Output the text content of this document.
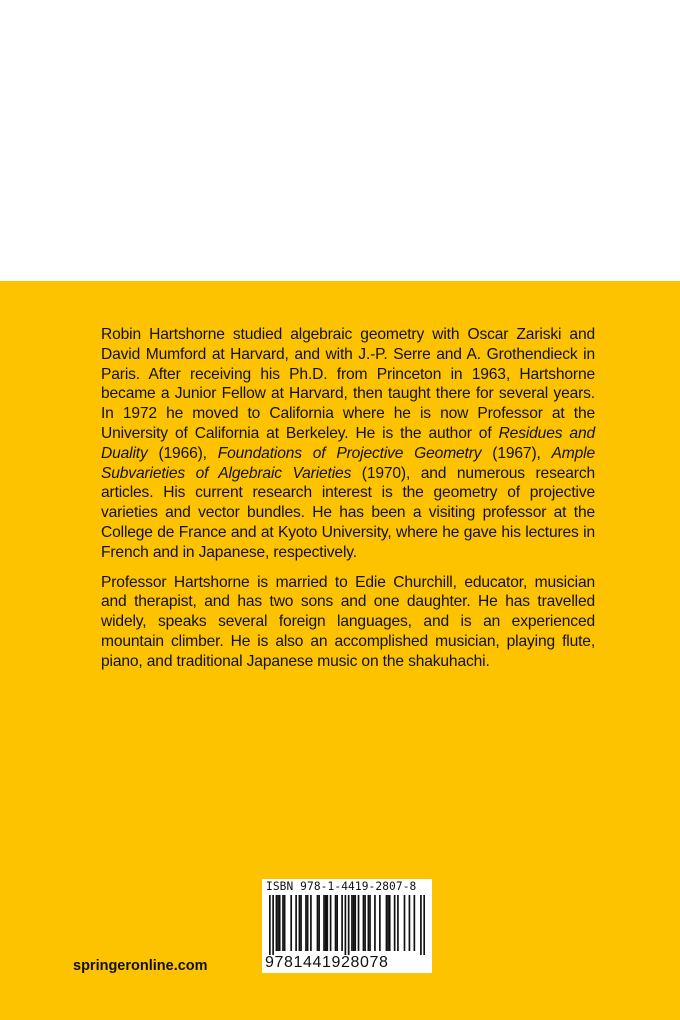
Robin Hartshorne studied algebraic geometry with Oscar Zariski and David Mumford at Harvard, and with J.-P. Serre and A. Grothendieck in Paris. After receiving his Ph.D. from Princeton in 1963, Hartshorne became a Junior Fellow at Harvard, then taught there for several years. In 1972 he moved to California where he is now Professor at the University of California at Berkeley. He is the author of Residues and Duality (1966), Foundations of Projective Geometry (1967), Ample Subvarieties of Algebraic Varieties (1970), and numerous research articles. His current research interest is the geometry of projective varieties and vector bundles. He has been a visiting professor at the College de France and at Kyoto University, where he gave his lectures in French and in Japanese, respectively.

Professor Hartshorne is married to Edie Churchill, educator, musician and therapist, and has two sons and one daughter. He has travelled widely, speaks several foreign languages, and is an experienced mountain climber. He is also an accomplished musician, playing flute, piano, and traditional Japanese music on the shakuhachi.

ISBN 978-1-4419-2807-8
9781441928078
springeronline.com
